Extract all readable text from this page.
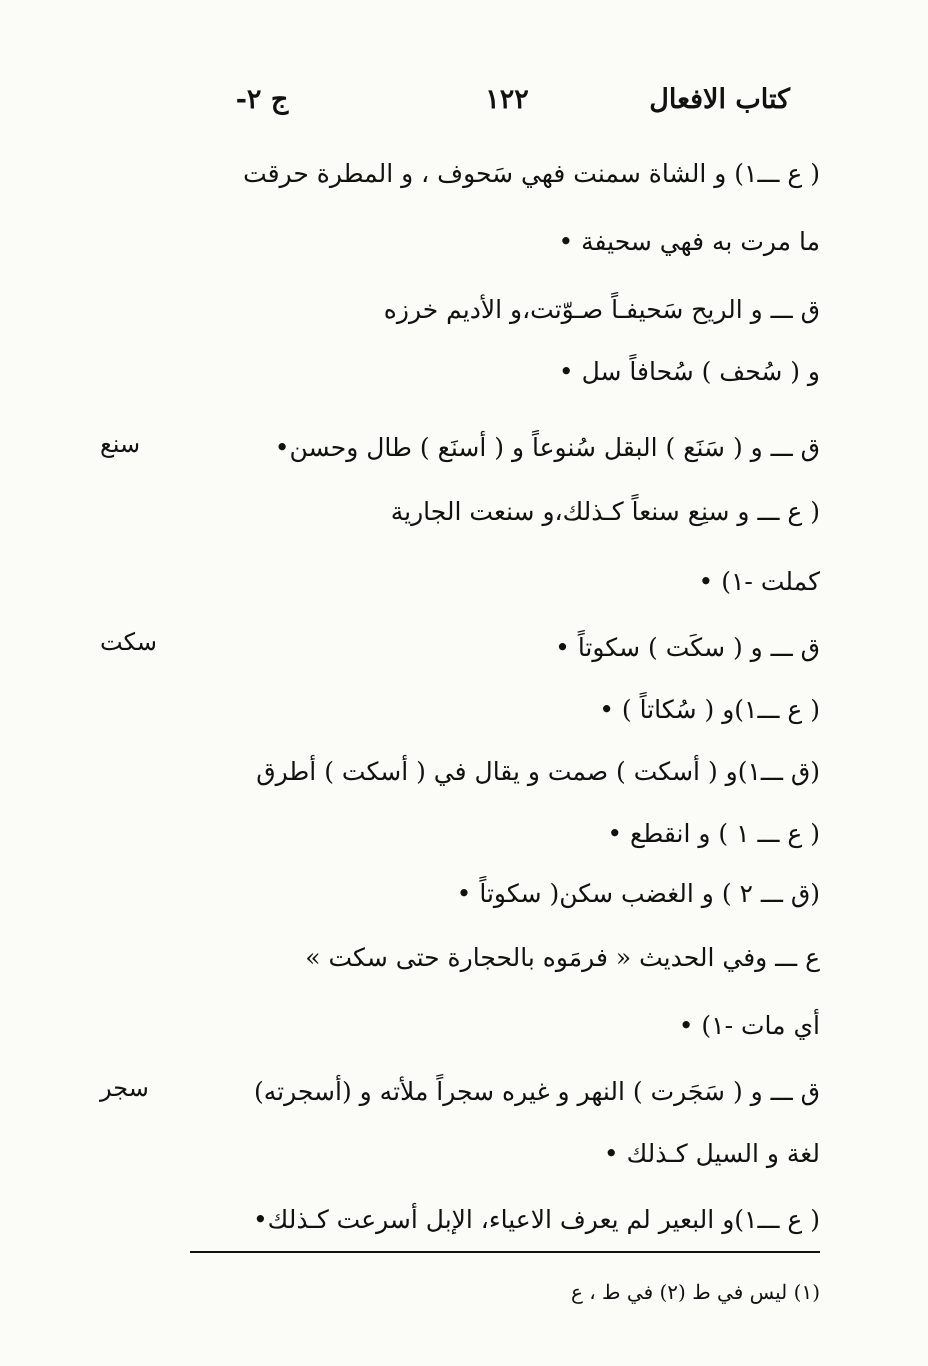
كتاب الافعال
١٢٢
ج ٢-
( ع ـــ١) و الشاة سمنت فهي سَحوف ، و المطرة حرقت
ما مرت به فهي سحيفة •
ق ـــ و الريح سَحيفـاً صـوّتت،و الأديم خرزه
و ( سُحف ) سُحافاً سل •
سنع	ق ـــ و ( سَنَع ) البقل سُنوعاً و ( أسنَع ) طال وحسن•
( ع ـــ و سنِع سنعاً كـذلك،و سنعت الجارية
كملت -١) •
سكت	ق ـــ و ( سكَت ) سكوتاً •
( ع ـــ١)و ( سُكاتاً ) •
(ق ـــ١)و ( أسكت ) صمت و يقال في ( أسكت ) أطرق
( ع ـــ ١ ) و انقطع •
(ق ـــ ٢ ) و الغضب سكن( سكوتاً •
ع ـــ وفي الحديث « فرمَوه بالحجارة حتى سكت »
أي مات -١) •
سجر	ق ـــ و ( سَجَرت ) النهر و غيره سجراً ملأته و (أسجرته)
لغة و السيل كـذلك •
( ع ـــ١)و البعير لم يعرف الاعياء، الإبل أسرعت كـذلك•
(١) ليس في ط (٢) في ط ، ع
